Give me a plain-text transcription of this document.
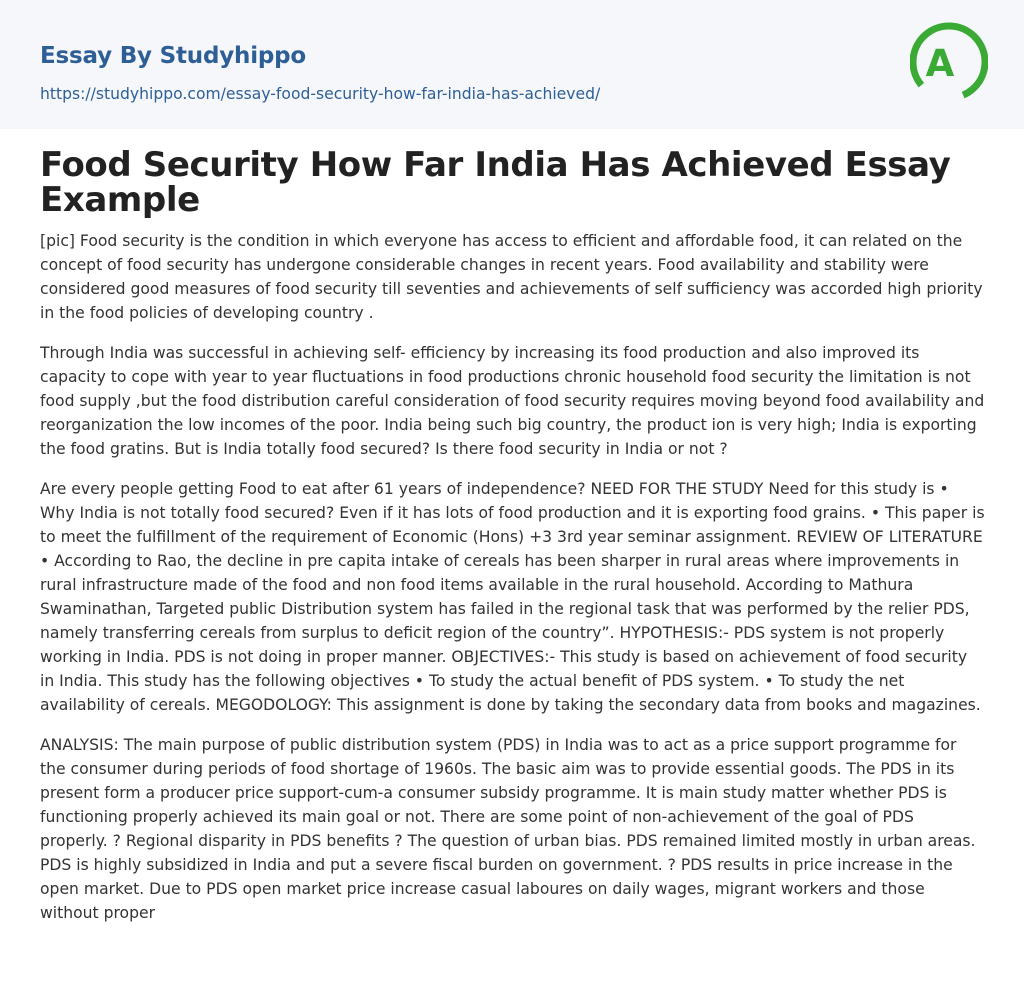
Essay By Studyhippo
https://studyhippo.com/essay-food-security-how-far-india-has-achieved/
A
Food Security How Far India Has Achieved Essay Example

[pic] Food security is the condition in which everyone has access to efficient and affordable food, it can related on the concept of food security has undergone considerable changes in recent years. Food availability and stability were considered good measures of food security till seventies and achievements of self sufficiency was accorded high priority in the food policies of developing country .

Through India was successful in achieving self- efficiency by increasing its food production and also improved its capacity to cope with year to year fluctuations in food productions chronic household food security the limitation is not food supply ,but the food distribution careful consideration of food security requires moving beyond food availability and reorganization the low incomes of the poor. India being such big country, the product ion is very high; India is exporting the food gratins. But is India totally food secured? Is there food security in India or not ?

Are every people getting Food to eat after 61 years of independence? NEED FOR THE STUDY Need for this study is • Why India is not totally food secured? Even if it has lots of food production and it is exporting food grains. • This paper is to meet the fulfillment of the requirement of Economic (Hons) +3 3rd year seminar assignment. REVIEW OF LITERATURE • According to Rao, the decline in pre capita intake of cereals has been sharper in rural areas where improvements in rural infrastructure made of the food and non food items available in the rural household. According to Mathura Swaminathan, Targeted public Distribution system has failed in the regional task that was performed by the relier PDS, namely transferring cereals from surplus to deficit region of the country”. HYPOTHESIS:- PDS system is not properly working in India. PDS is not doing in proper manner. OBJECTIVES:- This study is based on achievement of food security in India. This study has the following objectives • To study the actual benefit of PDS system. • To study the net availability of cereals. MEGODOLOGY: This assignment is done by taking the secondary data from books and magazines.

ANALYSIS: The main purpose of public distribution system (PDS) in India was to act as a price support programme for the consumer during periods of food shortage of 1960s. The basic aim was to provide essential goods. The PDS in its present form a producer price support-cum-a consumer subsidy programme. It is main study matter whether PDS is functioning properly achieved its main goal or not. There are some point of non-achievement of the goal of PDS properly. ? Regional disparity in PDS benefits ? The question of urban bias. PDS remained limited mostly in urban areas. PDS is highly subsidized in India and put a severe fiscal burden on government. ? PDS results in price increase in the open market. Due to PDS open market price increase casual laboures on daily wages, migrant workers and those without proper
